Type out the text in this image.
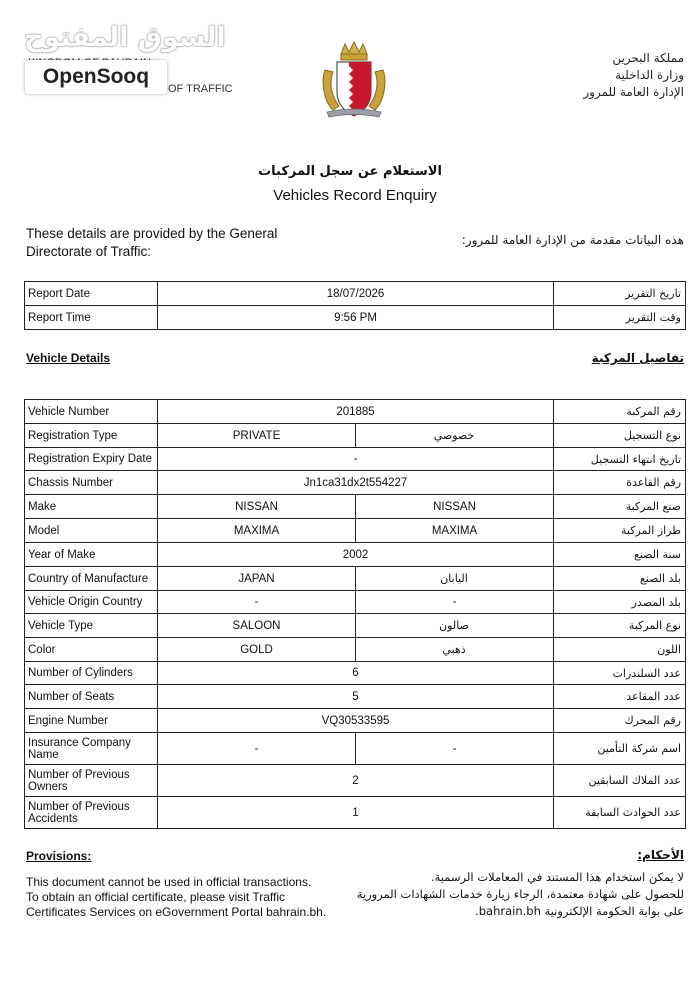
OF TRAFFIC
السوق المفتوح
OpenSooq
مملكة البحرين
وزارة الداخلية
الإدارة العامة للمرور
الاستعلام عن سجل المركبات
Vehicles Record Enquiry
These details are provided by the General
Directorate of Traffic:
هذه البيانات مقدمة من الإدارة العامة للمرور:
Report Date	18/07/2026	تاريخ التقرير
Report Time	9:56 PM	وقت التقرير
Vehicle Details	تفاصيل المركبة
Vehicle Number	201885		رقم المركبة
Registration Type	PRIVATE	خصوصي	نوع التسجيل
Registration Expiry Date	-		تاريخ انتهاء التسجيل
Chassis Number	Jn1ca31dx2t554227		رقم القاعدة
Make	NISSAN	NISSAN	صنع المركبة
Model	MAXIMA	MAXIMA	طراز المركبة
Year of Make	2002		سنة الصنع
Country of Manufacture	JAPAN	اليابان	بلد الصنع
Vehicle Origin Country	-	-	بلد المصدر
Vehicle Type	SALOON	صالون	نوع المركبة
Color	GOLD	ذهبي	اللون
Number of Cylinders	6		عدد السلندرات
Number of Seats	5		عدد المقاعد
Engine Number	VQ30533595		رقم المحرك
Insurance Company Name	-	-	اسم شركة التأمين
Number of Previous Owners	2		عدد الملاك السابقين
Number of Previous Accidents	1		عدد الحوادث السابقة
Provisions:	الأحكام:
This document cannot be used in official transactions.
To obtain an official certificate, please visit Traffic
Certificates Services on eGovernment Portal bahrain.bh.
لا يمكن استخدام هذا المستند في المعاملات الرسمية.
للحصول على شهادة معتمدة، الرجاء زيارة خدمات الشهادات المرورية
على بوابة الحكومة الإلكترونية bahrain.bh.
